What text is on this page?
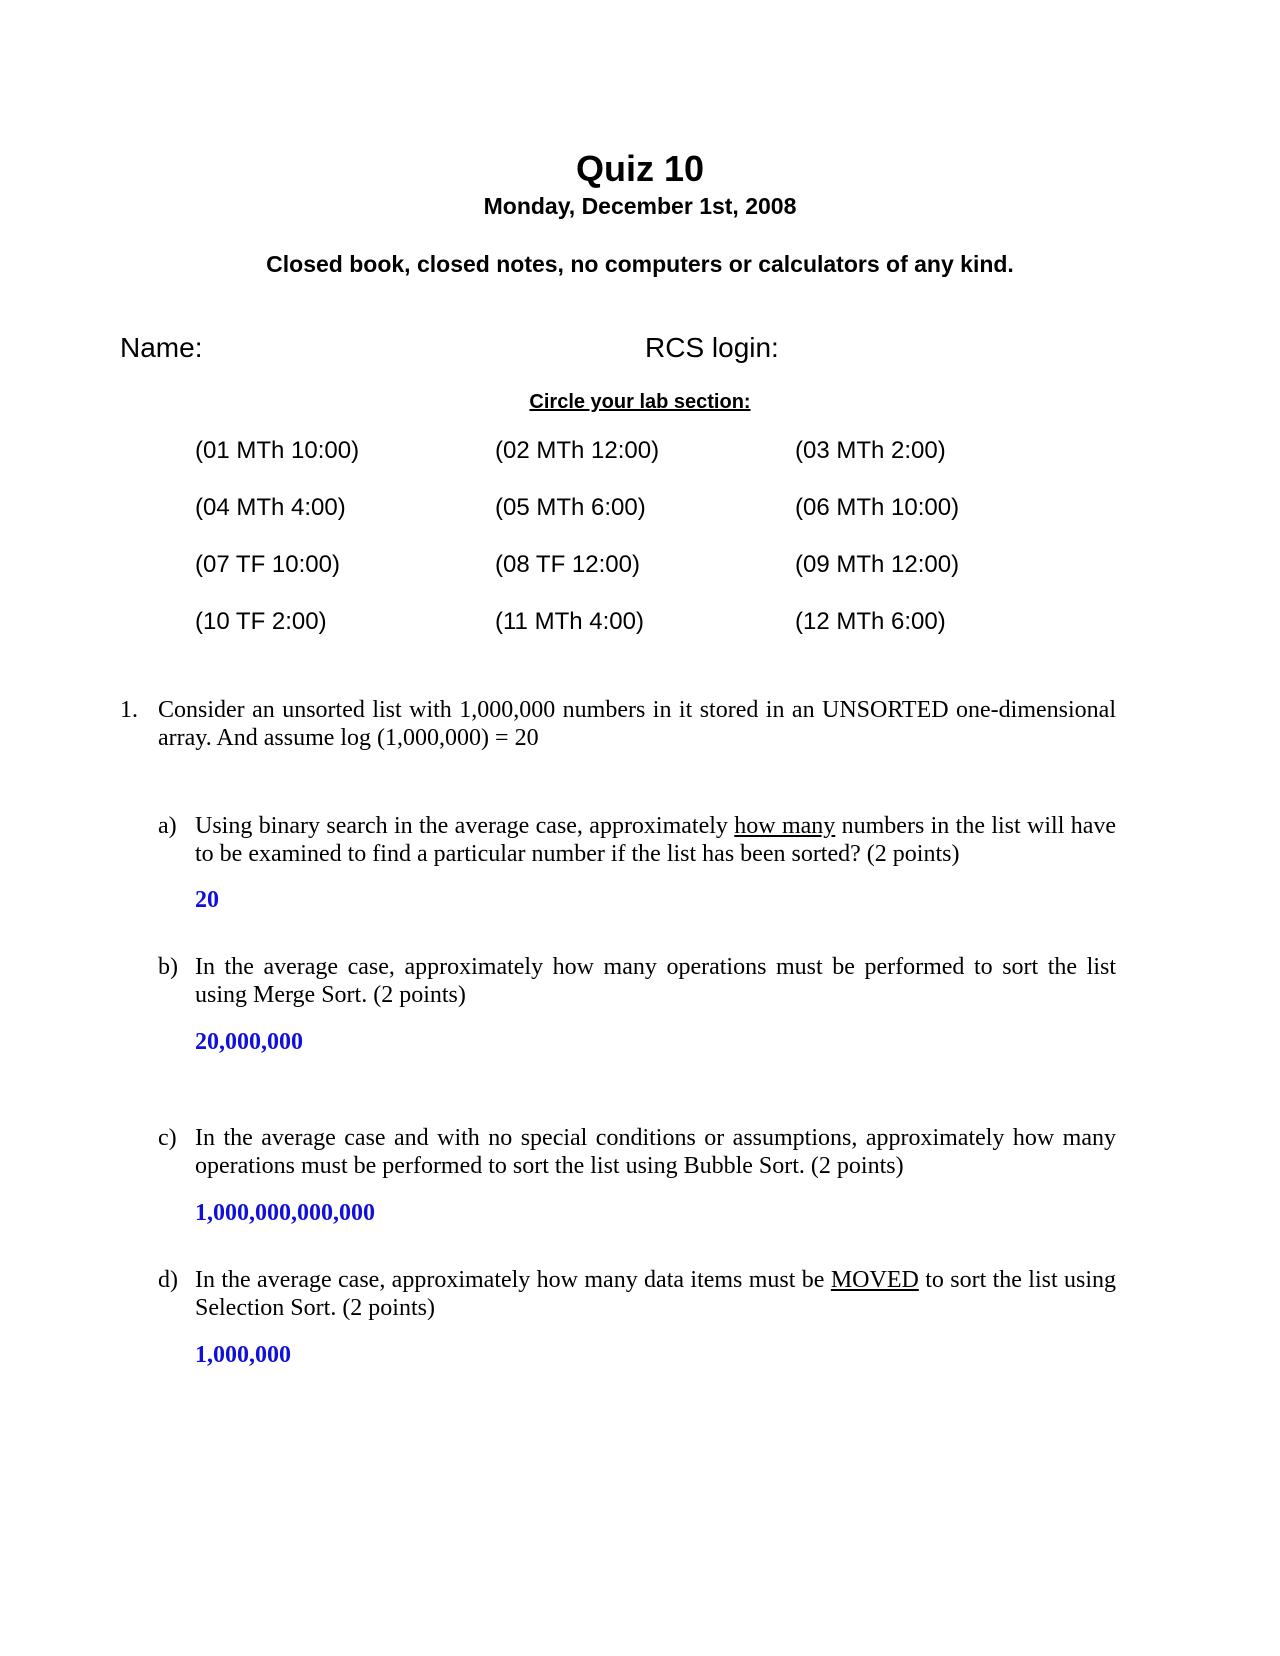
Quiz 10
Monday, December 1st, 2008
Closed book, closed notes, no computers or calculators of any kind.
Name:	RCS login:
Circle your lab section:
(01 MTh 10:00)	(02 MTh 12:00)	(03 MTh 2:00)
(04 MTh 4:00)	(05 MTh 6:00)	(06 MTh 10:00)
(07 TF 10:00)	(08 TF 12:00)	(09 MTh 12:00)
(10 TF 2:00)	(11 MTh 4:00)	(12 MTh 6:00)
1. Consider an unsorted list with 1,000,000 numbers in it stored in an UNSORTED one-dimensional array. And assume log (1,000,000) = 20
a) Using binary search in the average case, approximately how many numbers in the list will have to be examined to find a particular number if the list has been sorted? (2 points)
20
b) In the average case, approximately how many operations must be performed to sort the list using Merge Sort. (2 points)
20,000,000
c) In the average case and with no special conditions or assumptions, approximately how many operations must be performed to sort the list using Bubble Sort. (2 points)
1,000,000,000,000
d) In the average case, approximately how many data items must be MOVED to sort the list using Selection Sort. (2 points)
1,000,000
